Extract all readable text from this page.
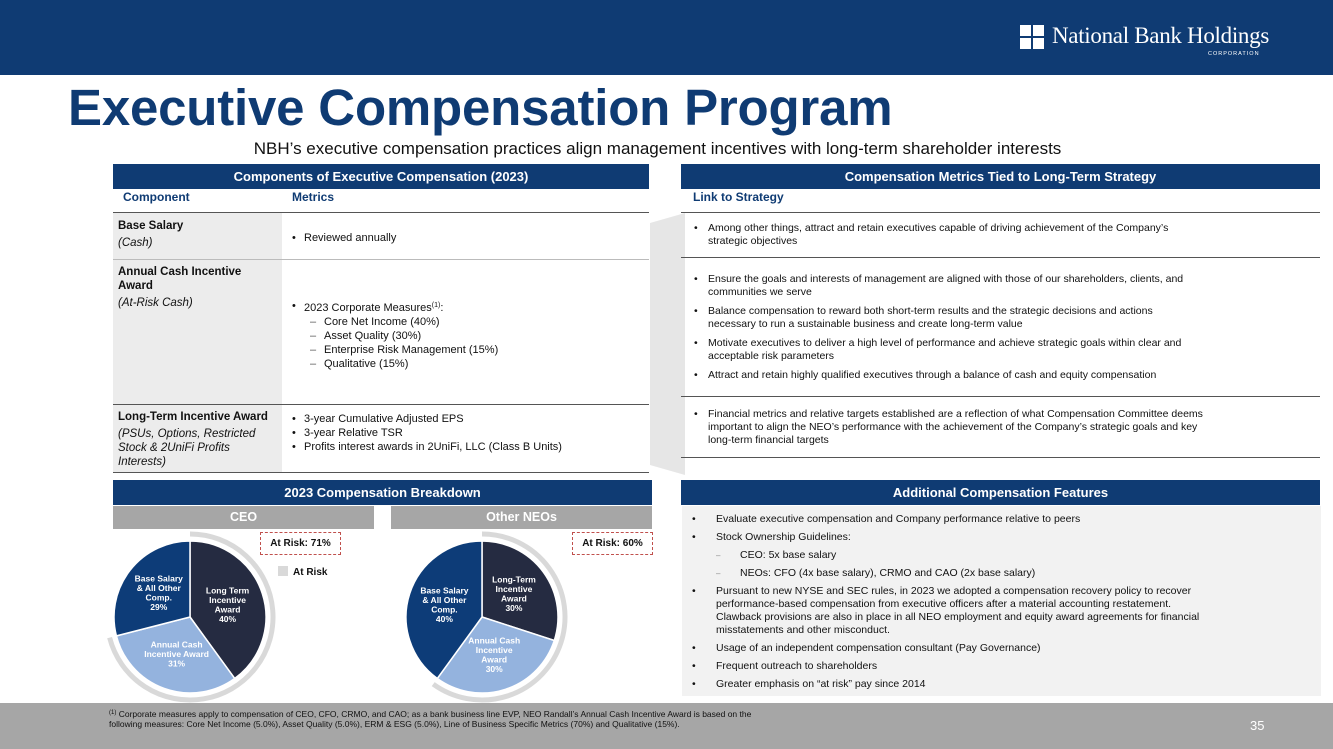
National Bank Holdings
CORPORATION
Executive Compensation Program
NBH’s executive compensation practices align management incentives with long-term shareholder interests
Components of Executive Compensation (2023)
Component	Metrics
Base Salary
(Cash)	• Reviewed annually
Annual Cash Incentive Award
(At-Risk Cash)	• 2023 Corporate Measures$^{(1)}$:
– Core Net Income (40%)
– Asset Quality (30%)
– Enterprise Risk Management (15%)
– Qualitative (15%)
Long-Term Incentive Award
(PSUs, Options, Restricted Stock & 2UniFi Profits Interests)
• 3-year Cumulative Adjusted EPS
• 3-year Relative TSR
• Profits interest awards in 2UniFi, LLC (Class B Units)
Compensation Metrics Tied to Long-Term Strategy
Link to Strategy
• Among other things, attract and retain executives capable of driving achievement of the Company’s strategic objectives
• Ensure the goals and interests of management are aligned with those of our shareholders, clients, and communities we serve
• Balance compensation to reward both short-term results and the strategic decisions and actions necessary to run a sustainable business and create long-term value
• Motivate executives to deliver a high level of performance and achieve strategic goals within clear and acceptable risk parameters
• Attract and retain highly qualified executives through a balance of cash and equity compensation
• Financial metrics and relative targets established are a reflection of what Compensation Committee deems important to align the NEO’s performance with the achievement of the Company’s strategic goals and key long-term financial targets
2023 Compensation Breakdown
CEO	Other NEOs
At Risk: 71%	At Risk: 60%
At Risk
Long Term Incentive Award 40%
Annual Cash Incentive Award 31%
Base Salary & All Other Comp. 29%
Long-Term Incentive Award 30%
Annual Cash Incentive Award 30%
Base Salary & All Other Comp. 40%
Additional Compensation Features
• Evaluate executive compensation and Company performance relative to peers
• Stock Ownership Guidelines:
– CEO: 5x base salary
– NEOs: CFO (4x base salary), CRMO and CAO (2x base salary)
• Pursuant to new NYSE and SEC rules, in 2023 we adopted a compensation recovery policy to recover performance-based compensation from executive officers after a material accounting restatement. Clawback provisions are also in place in all NEO employment and equity award agreements for financial misstatements and other misconduct.
• Usage of an independent compensation consultant (Pay Governance)
• Frequent outreach to shareholders
• Greater emphasis on “at risk” pay since 2014
$^{(1)}$ Corporate measures apply to compensation of CEO, CFO, CRMO, and CAO; as a bank business line EVP, NEO Randall’s Annual Cash Incentive Award is based on the following measures: Core Net Income (5.0%), Asset Quality (5.0%), ERM & ESG (5.0%), Line of Business Specific Metrics (70%) and Qualitative (15%).	35
